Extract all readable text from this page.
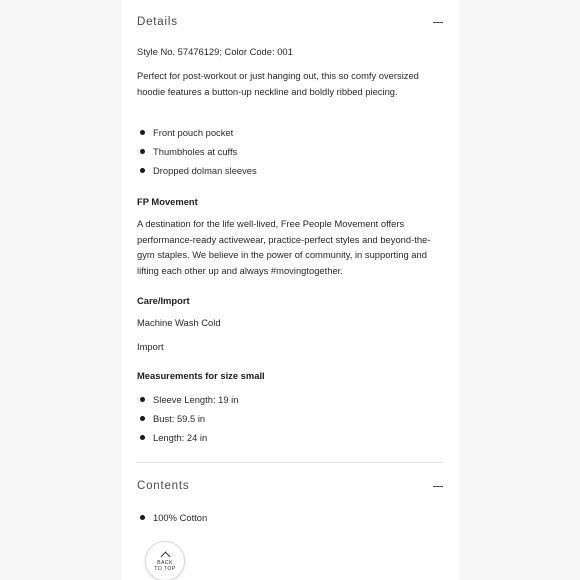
Details
Style No. 57476129; Color Code: 001
Perfect for post-workout or just hanging out, this so comfy oversized hoodie features a button-up neckline and boldly ribbed piecing.
Front pouch pocket
Thumbholes at cuffs
Dropped dolman sleeves
FP Movement
A destination for the life well-lived, Free People Movement offers performance-ready activewear, practice-perfect styles and beyond-the-gym staples. We believe in the power of community, in supporting and lifting each other up and always #movingtogether.
Care/Import
Machine Wash Cold
Import
Measurements for size small
Sleeve Length: 19 in
Bust: 59.5 in
Length: 24 in
Contents
100% Cotton
BACK
TO TOP
